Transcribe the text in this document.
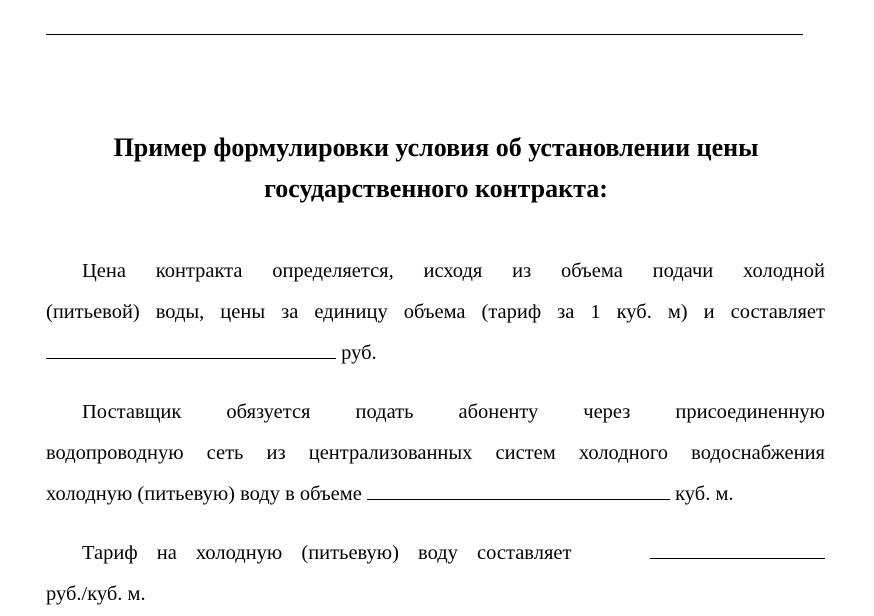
Пример формулировки условия об установлении цены
государственного контракта:
Цена контракта определяется, исходя из объема подачи холодной
(питьевой) воды, цены за единицу объема (тариф за 1 куб. м) и составляет
руб.
Поставщик обязуется подать абоненту через присоединенную
водопроводную сеть из централизованных систем холодного водоснабжения
холодную (питьевую) воду в объеме	куб. м.
Тариф на холодную (питьевую) воду составляет
руб./куб. м.
